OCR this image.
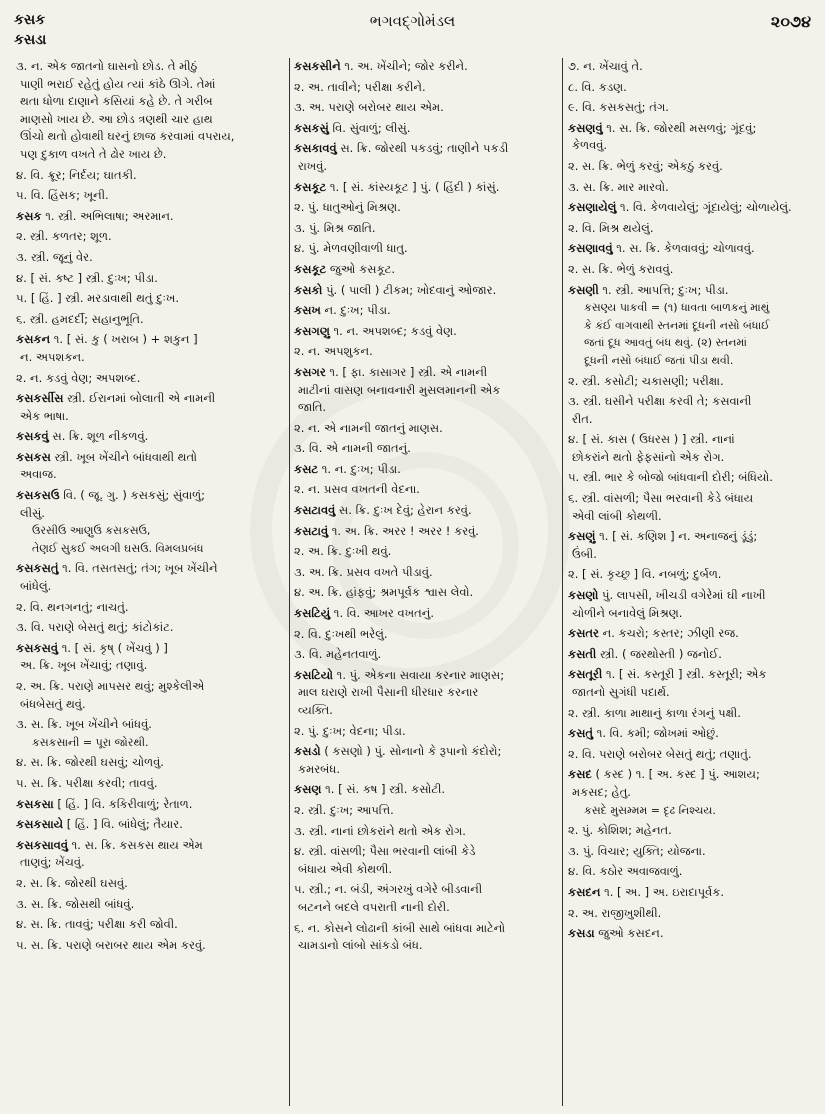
કસક
કસડા
ભગવદ્ગોમંડલ	૨૦૭૪
૩. ન. એક જાતનો ઘાસનો છોડ. તે મીઠું
પાણી ભરાઈ રહેતું હોય ત્યાં કાંઠે ઊગે. તેમાં
થતા ધોળા દાણાને કસિયાં કહે છે. તે ગરીબ
માણસો ખાય છે. આ છોડ ત્રણથી ચાર હાથ
ઊંચો થતો હોવાથી ઘરનું છાજ કરવામાં વપરાય,
પણ દુકાળ વખતે તે ઢોર ખાય છે.
૪. વિ. ક્રૂર; નિર્દય; ઘાતકી.
૫. વિ. હિંસક; ખૂની.
કસક ૧. સ્ત્રી. અભિલાષા; અરમાન.
૨. સ્ત્રી. કળતર; શૂળ.
૩. સ્ત્રી. જૂનું વેર.
૪. [ સં. કષ્ટ ] સ્ત્રી. દુઃખ; પીડા.
૫. [ હિં. ] સ્ત્રી. મરડાવાથી થતું દુઃખ.
૬. સ્ત્રી. હમદર્દી; સહાનુભૂતિ.
કસકન ૧. [ સં. કુ ( ખરાબ ) + શકુન ]
ન. અપશકન.
૨. ન. કડવું વેણ; અપશબ્દ.
કસકર્સીસ સ્ત્રી. ઈરાનમાં બોલાતી એ નામની
એક ભાષા.
કસકવું સ. ક્રિ. શૂળ નીકળવું.
કસકસ સ્ત્રી. ખૂબ ખેંચીને બાંધવાથી થતો
અવાજ.
કસકસઉ વિ. ( જૂ. ગુ. ) કસકસું; સુંવાળું;
લીસું.
ઉરસીઉ આણુઉ કસકસઉ,
તેણઈ સુકઈ અલગી ઘસઉ. વિમલપ્રબંધ
કસકસતું ૧. વિ. તસતસતું; તંગ; ખૂબ ખેંચીને
બાંધેલું.
૨. વિ. થનગનતું; નાચતું.
૩. વિ. પરાણે બેસતું થતું; કાંટોકાંટ.
કસકસવું ૧. [ સં. કૃષ્ ( ખેંચવું ) ]
અ. ક્રિ. ખૂબ ખેંચાવું; તણાવું.
૨. અ. ક્રિ. પરાણે માપસર થવું; મુશ્કેલીએ
બંધબેસતું થવું.
૩. સ. ક્રિ. ખૂબ ખેંચીને બાંધવું.
કસકસાની = પૂરા જોરથી.
૪. સ. ક્રિ. જોરથી ઘસવું; ચોળવું.
૫. સ. ક્રિ. પરીક્ષા કરવી; તાવવું.
કસકસા [ હિં. ] વિ. કકિરીવાળું; રેતાળ.
કસકસાયે [ હિં. ] વિ. બાંધેલું; તૈયાર.
કસકસાવવું ૧. સ. ક્રિ. કસકસ થાય એમ
તાણવું; ખેંચવું.
૨. સ. ક્રિ. જોરથી ઘસવું.
૩. સ. ક્રિ. જોસથી બાંધવું.
૪. સ. ક્રિ. તાવવું; પરીક્ષા કરી જોવી.
૫. સ. ક્રિ. પરાણે બરાબર થાય એમ કરવું.
કસકસીને ૧. અ. ખેંચીને; જોર કરીને.
૨. અ. તાવીને; પરીક્ષા કરીને.
૩. અ. પરાણે બરોબર થાય એમ.
કસકસું વિ. સુંવાળું; લીસું.
કસકાવવું સ. ક્રિ. જોરથી પકડવું; તાણીને પકડી
રાખવું.
કસકૂટ ૧. [ સં. કાંસ્યકૂટ ] પું. ( હિંદી ) કાંસું.
૨. પું. ધાતુઓનું મિશ્રણ.
૩. પું. મિશ્ર જાતિ.
૪. પું. મેળવણીવાળી ધાતુ.
કસકૂટ જુઓ કસકૂટ.
કસકો પું. ( પાલી ) ટીકમ; ખોદવાનું ઓજાર.
કસખ ન. દુઃખ; પીડા.
કસગણુ ૧. ન. અપશબ્દ; કડવું વેણ.
૨. ન. અપશુકન.
કસગર ૧. [ ફા. કાસાગર ] સ્ત્રી. એ નામની
માટીનાં વાસણ બનાવનારી મુસલમાનની એક
જાતિ.
૨. ન. એ નામની જાતનું માણસ.
૩. વિ. એ નામની જાતનું.
કસટ ૧. ન. દુઃખ; પીડા.
૨. ન. પ્રસવ વખતની વેદના.
કસટાવવું સ. ક્રિ. દુઃખ દેવું; હેરાન કરવું.
કસટાવું ૧. અ. ક્રિ. અરર ! અરર ! કરવું.
૨. અ. ક્રિ. દુઃખી થવું.
૩. અ. ક્રિ. પ્રસવ વખતે પીડાવું.
૪. અ. ક્રિ. હાંફવું; શ્રમપૂર્વક શ્વાસ લેવો.
કસટિયું ૧. વિ. આખર વખતનું.
૨. વિ. દુઃખથી ભરેલું.
૩. વિ. મહેનતવાળું.
કસટિયો ૧. પું. એકના સવાયા કરનાર માણસ;
માલ ઘરાણે રાખી પૈસાની ધીરધાર કરનાર
વ્યક્તિ.
૨. પું. દુઃખ; વેદના; પીડા.
કસડો ( કસણો ) પું. સોનાનો કે રૂપાનો કંદોરો;
કમરબંધ.
કસણ ૧. [ સં. કષ ] સ્ત્રી. કસોટી.
૨. સ્ત્રી. દુઃખ; આપત્તિ.
૩. સ્ત્રી. નાનાં છોકરાંને થતો એક રોગ.
૪. સ્ત્રી. વાંસળી; પૈસા ભરવાની લાંબી કેડે
બંધાય એવી કોથળી.
૫. સ્ત્રી.; ન. બંડી, અંગરખું વગેરે બીડવાની
બટનને બદલે વપરાતી નાની દોરી.
૬. ન. કોસને લોઢાની કાંબી સાથે બાંધવા માટેનો
ચામડાનો લાંબો સાંકડો બંધ.
૭. ન. ખેંચાવું તે.
૮. વિ. કડણ.
૯. વિ. કસકસતું; તંગ.
કસણવું ૧. સ. ક્રિ. જોરથી મસળવું; ગૂંદવું;
કેળવવું.
૨. સ. ક્રિ. ભેળું કરવું; એકઠું કરવું.
૩. સ. ક્રિ. માર મારવો.
કસણાયેલું ૧. વિ. કેળવાયેલું; ગૂંદાયેલું; ચોળાયેલું.
૨. વિ. મિશ્ર થયેલું.
કસણાવવું ૧. સ. ક્રિ. કેળવાવવું; ચોળાવવું.
૨. સ. ક્રિ. ભેળું કરાવવું.
કસણી ૧. સ્ત્રી. આપત્તિ; દુઃખ; પીડા.
કસણ્ય પાકવી = (૧) ધાવતા બાળકનું માથું
કે કંઈ વાગવાથી સ્તનમાં દૂધની નસો બંધાઈ
જતાં દૂધ આવતું બંધ થવું. (૨) સ્તનમાં
દૂધની નસો બંધાઈ જતાં પીડા થવી.
૨. સ્ત્રી. કસોટી; ચકાસણી; પરીક્ષા.
૩. સ્ત્રી. ઘસીને પરીક્ષા કરવી તે; કસવાની
રીત.
૪. [ સં. કાસ ( ઉધરસ ) ] સ્ત્રી. નાનાં
છોકરાંને થતો ફેફસાંનો એક રોગ.
૫. સ્ત્રી. ભાર કે બોજો બાંધવાની દોરી; બંધિયો.
૬. સ્ત્રી. વાંસળી; પૈસા ભરવાની કેડે બંધાય
એવી લાંબી કોથળી.
કસણું ૧. [ સં. કણિશ ] ન. અનાજનું ડૂંડું;
ઉંબી.
૨. [ સં. કૃચ્છ્ર ] વિ. નબળું; દુર્બળ.
કસણો પું. લાપસી, ખીચડી વગેરેમાં ઘી નાખી
ચોળીને બનાવેલું મિશ્રણ.
કસતર ન. કચરો; કસ્તર; ઝીણી રજ.
કસતી સ્ત્રી. ( જરથોસ્તી ) જનોઈ.
કસતૂરી ૧. [ સં. કસ્તૂરી ] સ્ત્રી. કસ્તૂરી; એક
જાતનો સુગંધી પદાર્થ.
૨. સ્ત્રી. કાળા માથાનું કાળા રંગનું પક્ષી.
કસતું ૧. વિ. કમી; જોખમાં ઓછું.
૨. વિ. પરાણે બરોબર બેસતું થતું; તણાતું.
કસદ ( કસ્દ ) ૧. [ અ. કસ્દ ] પું. આશય;
મકસદ; હેતુ.
કસદે મુસમ્મમ = દૃઢ નિશ્ચય.
૨. પું. કોશિશ; મહેનત.
૩. પું. વિચાર; યુક્તિ; યોજના.
૪. વિ. કઠોર અવાજવાળું.
કસદન ૧. [ અ. ] અ. ઇરાદાપૂર્વક.
૨. અ. રાજીખુશીથી.
કસડા જુઓ કસદન.
